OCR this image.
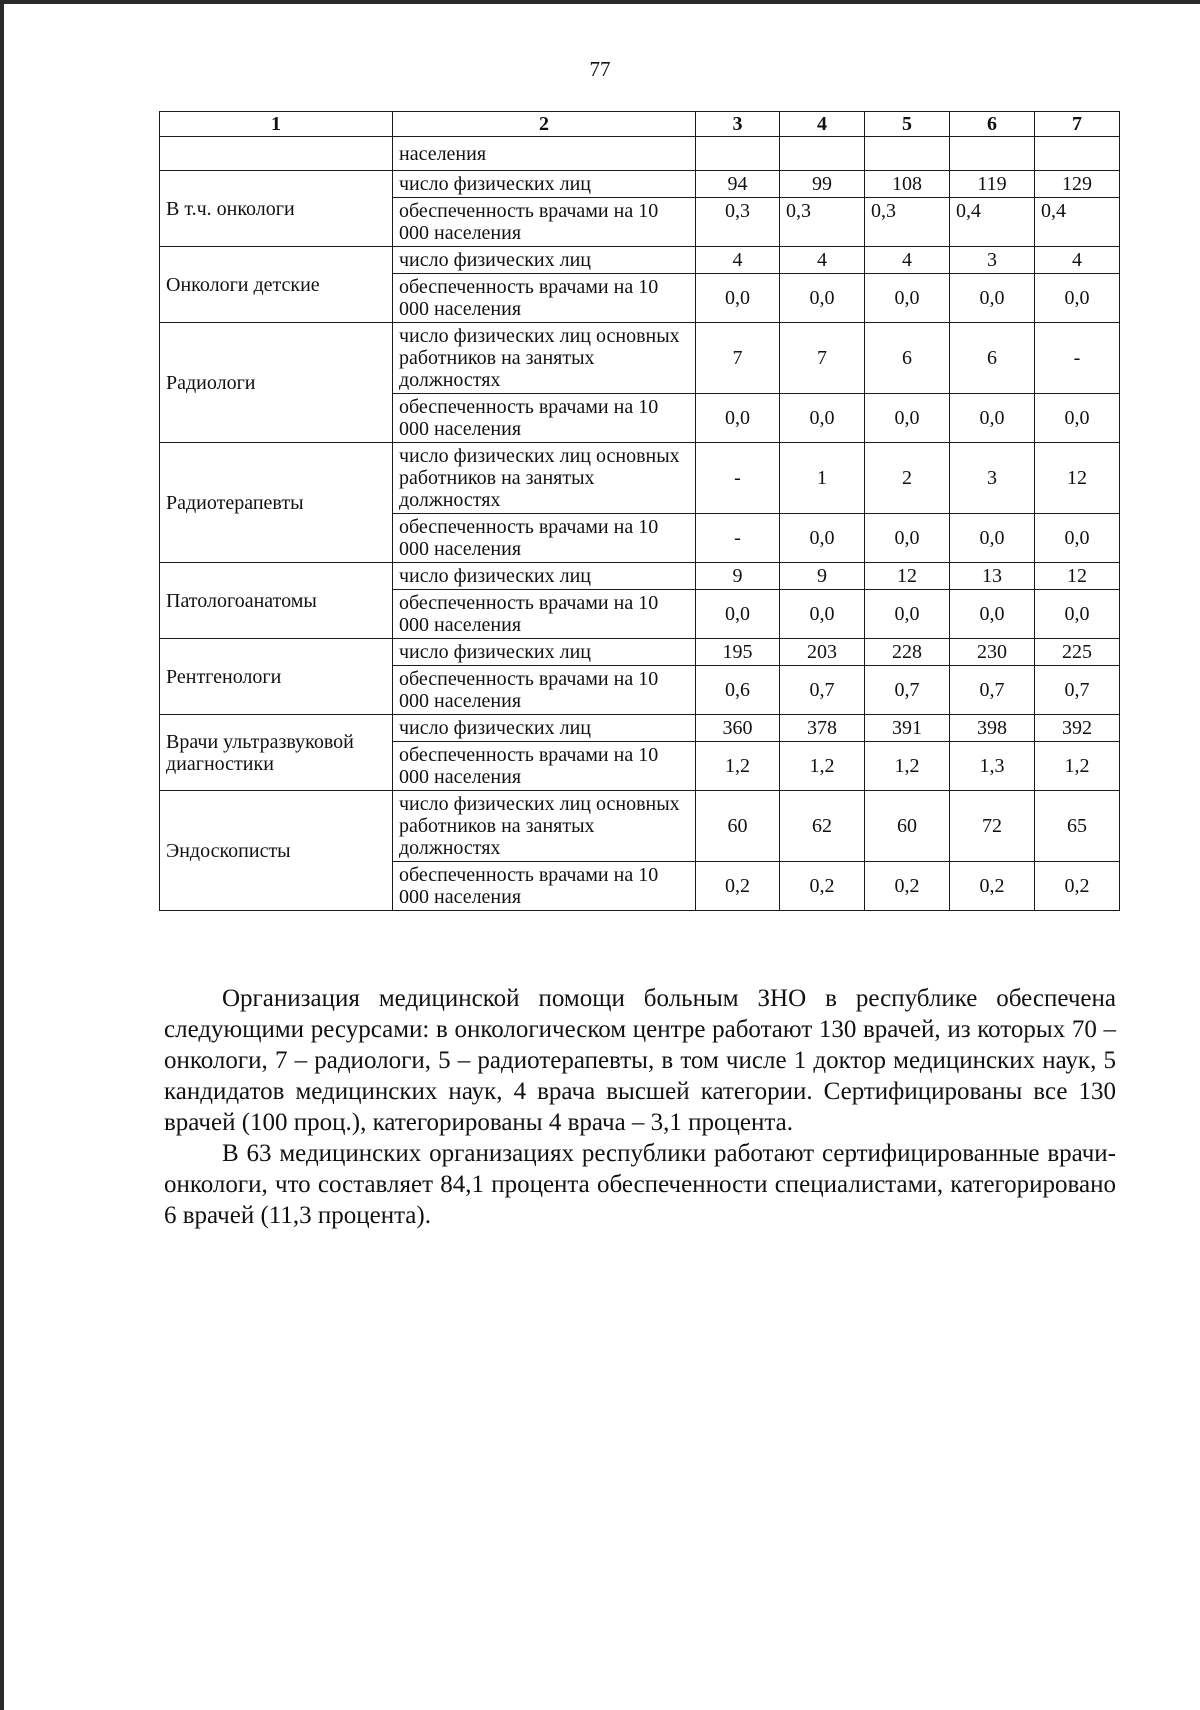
77
1	2	3	4	5	6	7
	населения					
В т.ч. онкологи	число физических лиц	94	99	108	119	129
	обеспеченность врачами на 10 000 населения	0,3	0,3	0,3	0,4	0,4
Онкологи детские	число физических лиц	4	4	4	3	4
	обеспеченность врачами на 10 000 населения	0,0	0,0	0,0	0,0	0,0
Радиологи	число физических лиц основных работников на занятых должностях	7	7	6	6	-
	обеспеченность врачами на 10 000 населения	0,0	0,0	0,0	0,0	0,0
Радиотерапевты	число физических лиц основных работников на занятых должностях	-	1	2	3	12
	обеспеченность врачами на 10 000 населения	-	0,0	0,0	0,0	0,0
Патологоанатомы	число физических лиц	9	9	12	13	12
	обеспеченность врачами на 10 000 населения	0,0	0,0	0,0	0,0	0,0
Рентгенологи	число физических лиц	195	203	228	230	225
	обеспеченность врачами на 10 000 населения	0,6	0,7	0,7	0,7	0,7
Врачи ультразвуковой диагностики	число физических лиц	360	378	391	398	392
	обеспеченность врачами на 10 000 населения	1,2	1,2	1,2	1,3	1,2
Эндоскописты	число физических лиц основных работников на занятых должностях	60	62	60	72	65
	обеспеченность врачами на 10 000 населения	0,2	0,2	0,2	0,2	0,2

Организация медицинской помощи больным ЗНО в республике обеспечена следующими ресурсами: в онкологическом центре работают 130 врачей, из которых 70 – онкологи, 7 – радиологи, 5 – радиотерапевты, в том числе 1 доктор медицинских наук, 5 кандидатов медицинских наук, 4 врача высшей категории. Сертифицированы все 130 врачей (100 проц.), категорированы 4 врача – 3,1 процента.

В 63 медицинских организациях республики работают сертифицированные врачи-онкологи, что составляет 84,1 процента обеспеченности специалистами, категорировано 6 врачей (11,3 процента).
